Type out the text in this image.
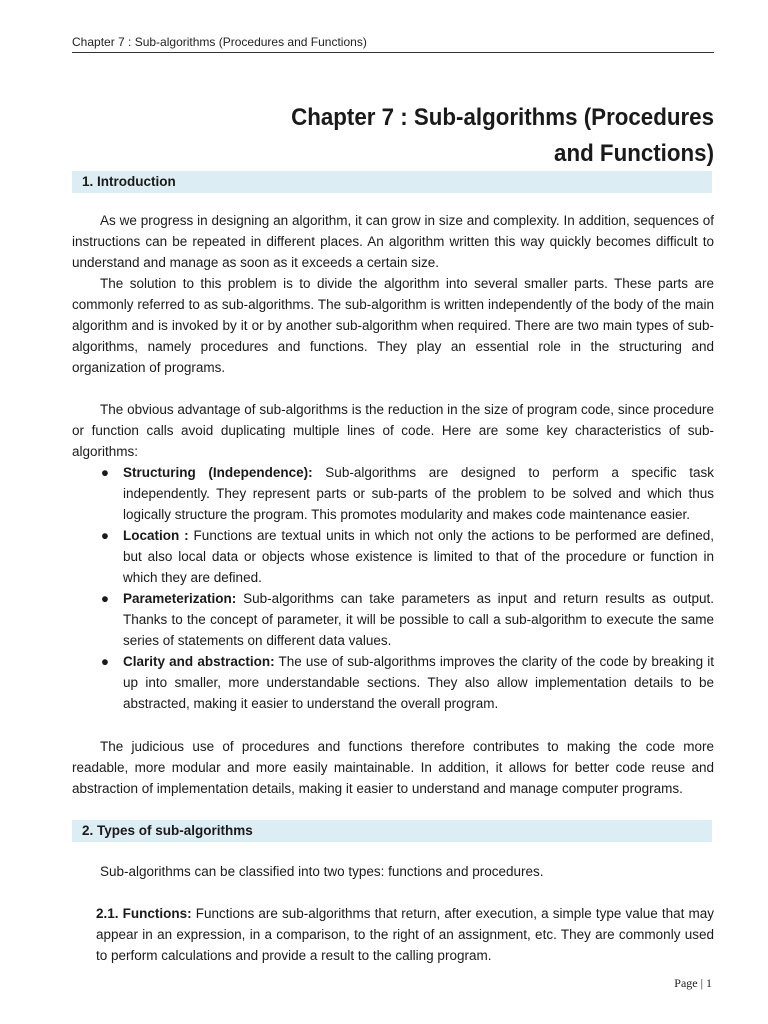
Chapter 7 : Sub-algorithms (Procedures and Functions)
Chapter 7 : Sub-algorithms (Procedures
and Functions)
1. Introduction

As we progress in designing an algorithm, it can grow in size and complexity. In addition, sequences of instructions can be repeated in different places. An algorithm written this way quickly becomes difficult to understand and manage as soon as it exceeds a certain size.

The solution to this problem is to divide the algorithm into several smaller parts. These parts are commonly referred to as sub-algorithms. The sub-algorithm is written independently of the body of the main algorithm and is invoked by it or by another sub-algorithm when required. There are two main types of sub-algorithms, namely procedures and functions. They play an essential role in the structuring and organization of programs.

The obvious advantage of sub-algorithms is the reduction in the size of program code, since procedure or function calls avoid duplicating multiple lines of code. Here are some key characteristics of sub-algorithms:

● Structuring (Independence): Sub-algorithms are designed to perform a specific task independently. They represent parts or sub-parts of the problem to be solved and which thus logically structure the program. This promotes modularity and makes code maintenance easier.
● Location : Functions are textual units in which not only the actions to be performed are defined, but also local data or objects whose existence is limited to that of the procedure or function in which they are defined.
● Parameterization: Sub-algorithms can take parameters as input and return results as output. Thanks to the concept of parameter, it will be possible to call a sub-algorithm to execute the same series of statements on different data values.
● Clarity and abstraction: The use of sub-algorithms improves the clarity of the code by breaking it up into smaller, more understandable sections. They also allow implementation details to be abstracted, making it easier to understand the overall program.

The judicious use of procedures and functions therefore contributes to making the code more readable, more modular and more easily maintainable. In addition, it allows for better code reuse and abstraction of implementation details, making it easier to understand and manage computer programs.

2. Types of sub-algorithms

Sub-algorithms can be classified into two types: functions and procedures.

2.1. Functions: Functions are sub-algorithms that return, after execution, a simple type value that may appear in an expression, in a comparison, to the right of an assignment, etc. They are commonly used to perform calculations and provide a result to the calling program.

Page | 1
